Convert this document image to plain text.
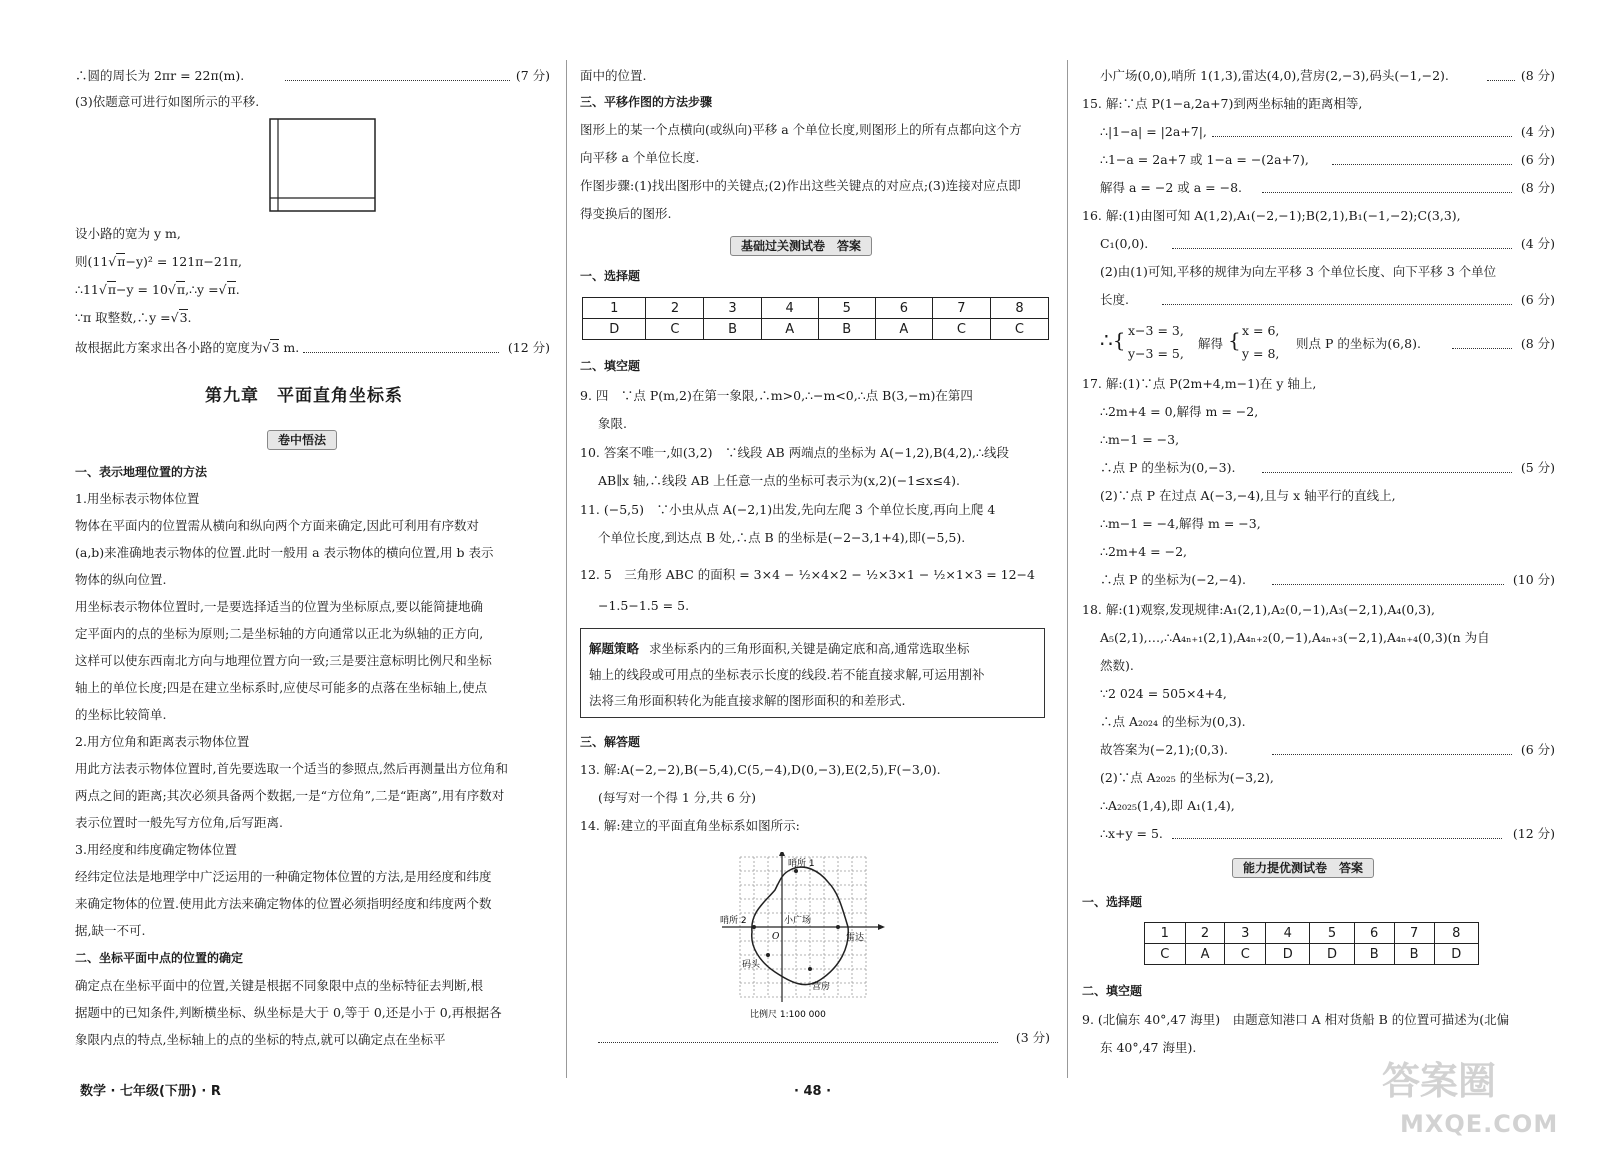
∴圆的周长为 2πr = 22π(m).	(7 分)
(3)依题意可进行如图所示的平移.
设小路的宽为 y m,
则(11√π−y)² = 121π−21π,
∴11√π−y = 10√π,∴y =√π.
∵π 取整数,∴y =√3.
故根据此方案求出各小路的宽度为√3 m.	(12 分)
第九章　平面直角坐标系
卷中悟法
一、表示地理位置的方法
1.用坐标表示物体位置
物体在平面内的位置需从横向和纵向两个方面来确定,因此可利用有序数对
(a,b)来准确地表示物体的位置.此时一般用 a 表示物体的横向位置,用 b 表示
物体的纵向位置.
用坐标表示物体位置时,一是要选择适当的位置为坐标原点,要以能简捷地确
定平面内的点的坐标为原则;二是坐标轴的方向通常以正北为纵轴的正方向,
这样可以使东西南北方向与地理位置方向一致;三是要注意标明比例尺和坐标
轴上的单位长度;四是在建立坐标系时,应使尽可能多的点落在坐标轴上,使点
的坐标比较简单.
2.用方位角和距离表示物体位置
用此方法表示物体位置时,首先要选取一个适当的参照点,然后再测量出方位角和
两点之间的距离;其次必须具备两个数据,一是“方位角”,二是“距离”,用有序数对
表示位置时一般先写方位角,后写距离.
3.用经度和纬度确定物体位置
经纬定位法是地理学中广泛运用的一种确定物体位置的方法,是用经度和纬度
来确定物体的位置.使用此方法来确定物体的位置必须指明经度和纬度两个数
据,缺一不可.
二、坐标平面中点的位置的确定
确定点在坐标平面中的位置,关键是根据不同象限中点的坐标特征去判断,根
据题中的已知条件,判断横坐标、纵坐标是大于 0,等于 0,还是小于 0,再根据各
象限内点的特点,坐标轴上的点的坐标的特点,就可以确定点在坐标平
数学 · 七年级(下册) · R
面中的位置.
三、平移作图的方法步骤
图形上的某一个点横向(或纵向)平移 a 个单位长度,则图形上的所有点都向这个方
向平移 a 个单位长度.
作图步骤:(1)找出图形中的关键点;(2)作出这些关键点的对应点;(3)连接对应点即
得变换后的图形.
基础过关测试卷　答案
一、选择题
1	2	3	4	5	6	7	8
D	C	B	A	B	A	C	C
二、填空题
9. 四　∵点 P(m,2)在第一象限,∴m>0,∴−m<0,∴点 B(3,−m)在第四
象限.
10. 答案不唯一,如(3,2)　∵线段 AB 两端点的坐标为 A(−1,2),B(4,2),∴线段
AB∥x 轴,∴线段 AB 上任意一点的坐标可表示为(x,2)(−1≤x≤4).
11. (−5,5)　∵小虫从点 A(−2,1)出发,先向左爬 3 个单位长度,再向上爬 4
个单位长度,到达点 B 处,∴点 B 的坐标是(−2−3,1+4),即(−5,5).
12. 5　三角形 ABC 的面积 = 3×4 − ½×4×2 − ½×3×1 − ½×1×3 = 12−4
−1.5−1.5 = 5.
解题策略 求坐标系内的三角形面积,关键是确定底和高,通常选取坐标
轴上的线段或可用点的坐标表示长度的线段.若不能直接求解,可运用割补
法将三角形面积转化为能直接求解的图形面积的和差形式.
三、解答题
13. 解:A(−2,−2),B(−5,4),C(5,−4),D(0,−3),E(2,5),F(−3,0).
(每写对一个得 1 分,共 6 分)
14. 解:建立的平面直角坐标系如图所示:
哨所 1
哨所 2	小广场
O	雷达
码头
营房
比例尺 1:100 000
(3 分)
· 48 ·
小广场(0,0),哨所 1(1,3),雷达(4,0),营房(2,−3),码头(−1,−2).	(8 分)
15. 解:∵点 P(1−a,2a+7)到两坐标轴的距离相等,
∴|1−a| = |2a+7|,	(4 分)
∴1−a = 2a+7 或 1−a = −(2a+7),	(6 分)
解得 a = −2 或 a = −8.	(8 分)
16. 解:(1)由图可知 A(1,2),A₁(−2,−1);B(2,1),B₁(−1,−2);C(3,3),
C₁(0,0).	(4 分)
(2)由(1)可知,平移的规律为向左平移 3 个单位长度、向下平移 3 个单位
长度.	(6 分)
∴{ x−3 = 3,
y−3 = 5,
解得 { x = 6,
y = 8,
则点 P 的坐标为(6,8).	(8 分)
17. 解:(1)∵点 P(2m+4,m−1)在 y 轴上,
∴2m+4 = 0,解得 m = −2,
∴m−1 = −3,
∴点 P 的坐标为(0,−3).	(5 分)
(2)∵点 P 在过点 A(−3,−4),且与 x 轴平行的直线上,
∴m−1 = −4,解得 m = −3,
∴2m+4 = −2,
∴点 P 的坐标为(−2,−4).	(10 分)
18. 解:(1)观察,发现规律:A₁(2,1),A₂(0,−1),A₃(−2,1),A₄(0,3),
A₅(2,1),…,∴A₄ₙ₊₁(2,1),A₄ₙ₊₂(0,−1),A₄ₙ₊₃(−2,1),A₄ₙ₊₄(0,3)(n 为自
然数).
∵2 024 = 505×4+4,
∴点 A₂₀₂₄ 的坐标为(0,3).
故答案为(−2,1);(0,3).	(6 分)
(2)∵点 A₂₀₂₅ 的坐标为(−3,2),
∴A₂₀₂₅(1,4),即 A₁(1,4),
∴x+y = 5.	(12 分)
能力提优测试卷　答案
一、选择题
1	2	3	4	5	6	7	8
C	A	C	D	D	B	B	D
二、填空题
9. (北偏东 40°,47 海里)　由题意知港口 A 相对货船 B 的位置可描述为(北偏
东 40°,47 海里).
答案圈
MXQE.COM
